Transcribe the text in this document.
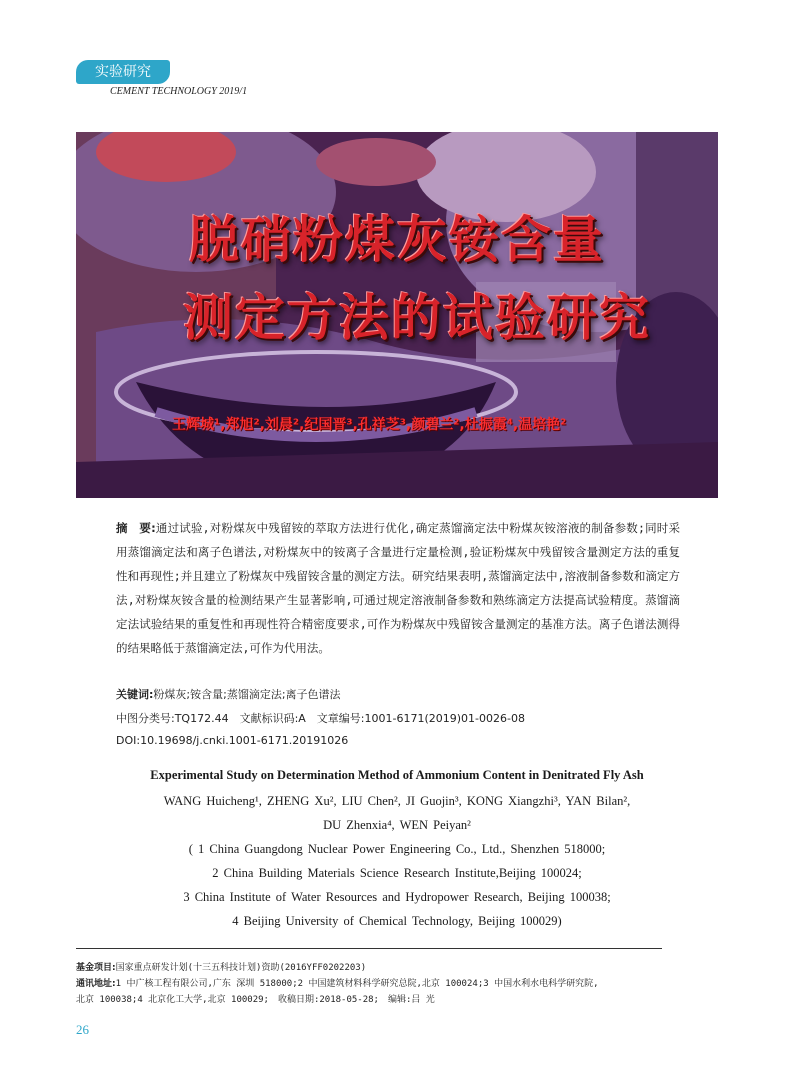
实验研究
CEMENT TECHNOLOGY 2019/1
脱硝粉煤灰铵含量
测定方法的试验研究
王辉城¹,郑旭²,刘晨²,纪国晋³,孔祥芝³,颜碧兰²,杜振霞⁴,温培艳²
摘　要:通过试验,对粉煤灰中残留铵的萃取方法进行优化,确定蒸馏滴定法中粉煤灰铵溶液的制备参数;同时采用蒸馏滴定法和离子色谱法,对粉煤灰中的铵离子含量进行定量检测,验证粉煤灰中残留铵含量测定方法的重复性和再现性;并且建立了粉煤灰中残留铵含量的测定方法。研究结果表明,蒸馏滴定法中,溶液制备参数和滴定方法,对粉煤灰铵含量的检测结果产生显著影响,可通过规定溶液制备参数和熟练滴定方法提高试验精度。蒸馏滴定法试验结果的重复性和再现性符合精密度要求,可作为粉煤灰中残留铵含量测定的基准方法。离子色谱法测得的结果略低于蒸馏滴定法,可作为代用法。
关键词:粉煤灰;铵含量;蒸馏滴定法;离子色谱法
中图分类号:TQ172.44　文献标识码:A　文章编号:1001-6171(2019)01-0026-08
DOI:10.19698/j.cnki.1001-6171.20191026
Experimental Study on Determination Method of Ammonium Content in Denitrated Fly Ash
WANG Huicheng¹, ZHENG Xu², LIU Chen², JI Guojin³, KONG Xiangzhi³, YAN Bilan²,
DU Zhenxia⁴, WEN Peiyan²
( 1 China Guangdong Nuclear Power Engineering Co., Ltd., Shenzhen 518000;
2 China Building Materials Science Research Institute,Beijing 100024;
3 China Institute of Water Resources and Hydropower Research, Beijing 100038;
4 Beijing University of Chemical Technology, Beijing 100029)
基金项目:国家重点研发计划(十三五科技计划)资助(2016YFF0202203)
通讯地址:1 中广核工程有限公司,广东 深圳 518000;2 中国建筑材料科学研究总院,北京 100024;3 中国水利水电科学研究院,
北京 100038;4 北京化工大学,北京 100029;　收稿日期:2018-05-28;　编辑:吕 光
26
